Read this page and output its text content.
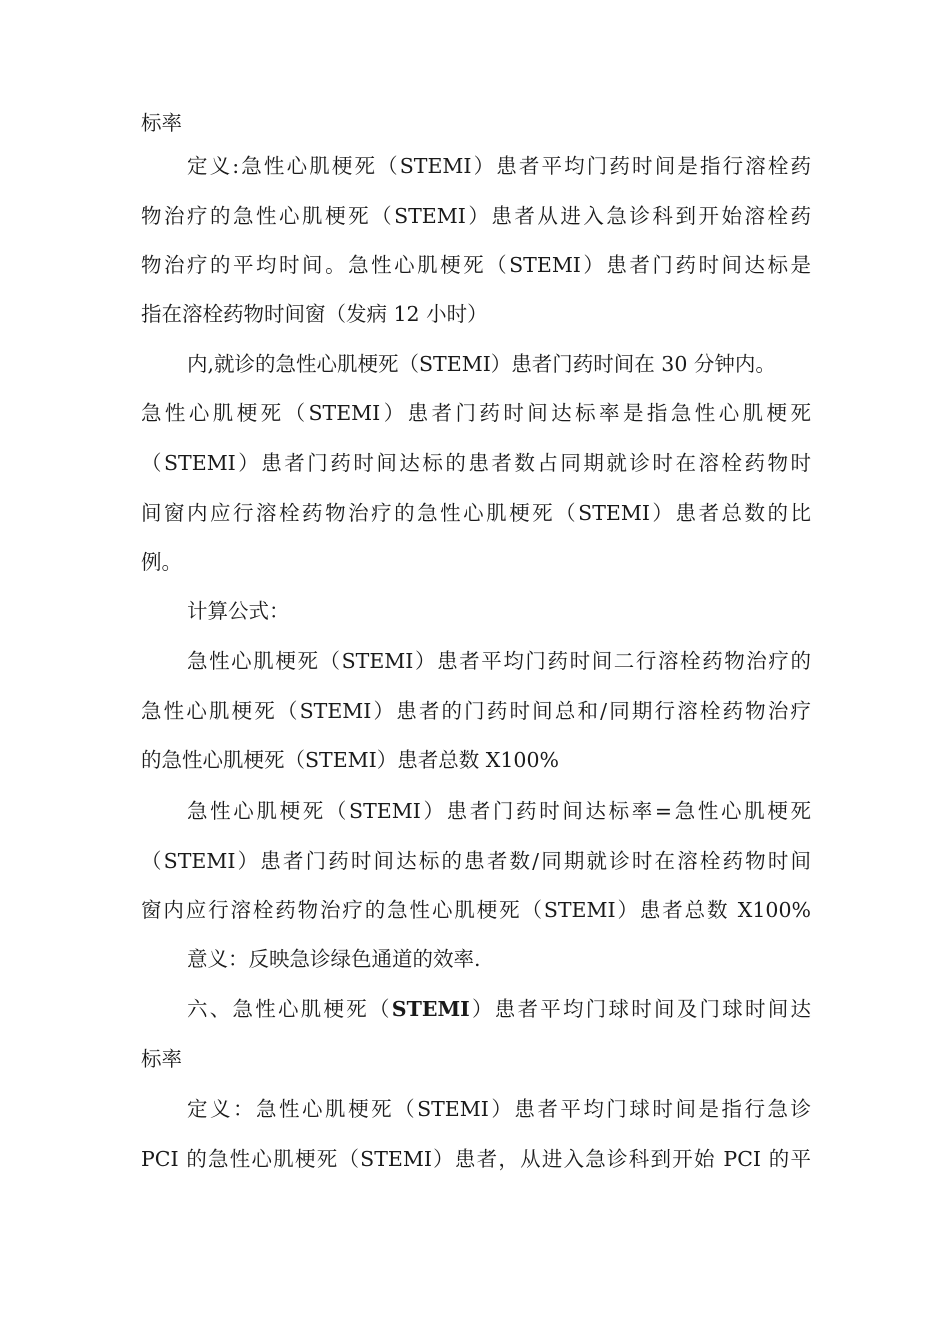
标率
定义:急性心肌梗死（STEMI）患者平均门药时间是指行溶栓药
物治疗的急性心肌梗死（STEMI）患者从进入急诊科到开始溶栓药
物治疗的平均时间。急性心肌梗死（STEMI）患者门药时间达标是
指在溶栓药物时间窗（发病 12 小时）
内,就诊的急性心肌梗死（STEMI）患者门药时间在 30 分钟内。
急性心肌梗死（STEMI）患者门药时间达标率是指急性心肌梗死
（STEMI）患者门药时间达标的患者数占同期就诊时在溶栓药物时
间窗内应行溶栓药物治疗的急性心肌梗死（STEMI）患者总数的比
例。
计算公式：
急性心肌梗死（STEMI）患者平均门药时间二行溶栓药物治疗的
急性心肌梗死（STEMI）患者的门药时间总和/同期行溶栓药物治疗
的急性心肌梗死（STEMI）患者总数 X100%
急性心肌梗死（STEMI）患者门药时间达标率=急性心肌梗死
（STEMI）患者门药时间达标的患者数/同期就诊时在溶栓药物时间
窗内应行溶栓药物治疗的急性心肌梗死（STEMI）患者总数 X100%
意义：反映急诊绿色通道的效率.
六、急性心肌梗死（STEMI）患者平均门球时间及门球时间达
标率
定义：急性心肌梗死（STEMI）患者平均门球时间是指行急诊
PCI 的急性心肌梗死（STEMI）患者，从进入急诊科到开始 PCI 的平
